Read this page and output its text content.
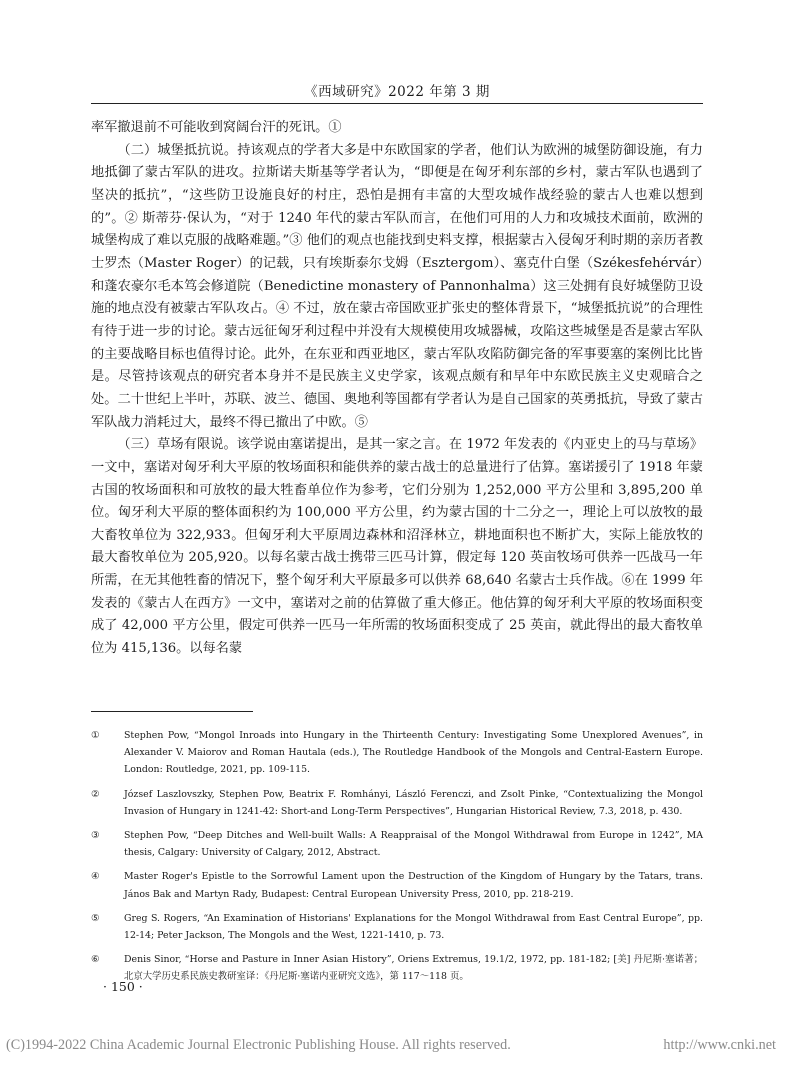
《西域研究》2022 年第 3 期

率军撤退前不可能收到窝阔台汗的死讯。①

（二）城堡抵抗说。持该观点的学者大多是中东欧国家的学者，他们认为欧洲的城堡防御设施，有力地抵御了蒙古军队的进攻。拉斯诺夫斯基等学者认为，“即便是在匈牙利东部的乡村，蒙古军队也遇到了坚决的抵抗”，“这些防卫设施良好的村庄，恐怕是拥有丰富的大型攻城作战经验的蒙古人也难以想到的”。② 斯蒂芬·保认为，“对于 1240 年代的蒙古军队而言，在他们可用的人力和攻城技术面前，欧洲的城堡构成了难以克服的战略难题。”③ 他们的观点也能找到史料支撑，根据蒙古入侵匈牙利时期的亲历者教士罗杰（Master Roger）的记载，只有埃斯泰尔戈姆（Esztergom）、塞克什白堡（Székesfehérvár）和蓬农豪尔毛本笃会修道院（Benedictine monastery of Pannonhalma）这三处拥有良好城堡防卫设施的地点没有被蒙古军队攻占。④ 不过，放在蒙古帝国欧亚扩张史的整体背景下，“城堡抵抗说”的合理性有待于进一步的讨论。蒙古远征匈牙利过程中并没有大规模使用攻城器械，攻陷这些城堡是否是蒙古军队的主要战略目标也值得讨论。此外，在东亚和西亚地区，蒙古军队攻陷防御完备的军事要塞的案例比比皆是。尽管持该观点的研究者本身并不是民族主义史学家，该观点颇有和早年中东欧民族主义史观暗合之处。二十世纪上半叶，苏联、波兰、德国、奥地利等国都有学者认为是自己国家的英勇抵抗，导致了蒙古军队战力消耗过大，最终不得已撤出了中欧。⑤

（三）草场有限说。该学说由塞诺提出，是其一家之言。在 1972 年发表的《内亚史上的马与草场》一文中，塞诺对匈牙利大平原的牧场面积和能供养的蒙古战士的总量进行了估算。塞诺援引了 1918 年蒙古国的牧场面积和可放牧的最大牲畜单位作为参考，它们分别为 1,252,000 平方公里和 3,895,200 单位。匈牙利大平原的整体面积约为 100,000 平方公里，约为蒙古国的十二分之一，理论上可以放牧的最大畜牧单位为 322,933。但匈牙利大平原周边森林和沼泽林立，耕地面积也不断扩大，实际上能放牧的最大畜牧单位为 205,920。以每名蒙古战士携带三匹马计算，假定每 120 英亩牧场可供养一匹战马一年所需，在无其他牲畜的情况下，整个匈牙利大平原最多可以供养 68,640 名蒙古士兵作战。⑥在 1999 年发表的《蒙古人在西方》一文中，塞诺对之前的估算做了重大修正。他估算的匈牙利大平原的牧场面积变成了 42,000 平方公里，假定可供养一匹马一年所需的牧场面积变成了 25 英亩，就此得出的最大畜牧单位为 415,136。以每名蒙

①	Stephen Pow, “Mongol Inroads into Hungary in the Thirteenth Century: Investigating Some Unexplored Avenues”, in Alexander V. Maiorov and Roman Hautala (eds.), The Routledge Handbook of the Mongols and Central-Eastern Europe. London: Routledge, 2021, pp. 109-115.
②	József Laszlovszky, Stephen Pow, Beatrix F. Romhányi, László Ferenczi, and Zsolt Pinke, “Contextualizing the Mongol Invasion of Hungary in 1241-42: Short-and Long-Term Perspectives”, Hungarian Historical Review, 7.3, 2018, p. 430.
③	Stephen Pow, “Deep Ditches and Well-built Walls: A Reappraisal of the Mongol Withdrawal from Europe in 1242”, MA thesis, Calgary: University of Calgary, 2012, Abstract.
④	Master Roger's Epistle to the Sorrowful Lament upon the Destruction of the Kingdom of Hungary by the Tatars, trans. János Bak and Martyn Rady, Budapest: Central European University Press, 2010, pp. 218-219.
⑤	Greg S. Rogers, “An Examination of Historians' Explanations for the Mongol Withdrawal from East Central Europe”, pp. 12-14; Peter Jackson, The Mongols and the West, 1221-1410, p. 73.
⑥	Denis Sinor, “Horse and Pasture in Inner Asian History”, Oriens Extremus, 19.1/2, 1972, pp. 181-182; [美] 丹尼斯·塞诺著；北京大学历史系民族史教研室译：《丹尼斯·塞诺内亚研究文选》，第 117～118 页。
· 150 ·
(C)1994-2022 China Academic Journal Electronic Publishing House. All rights reserved.	http://www.cnki.net
